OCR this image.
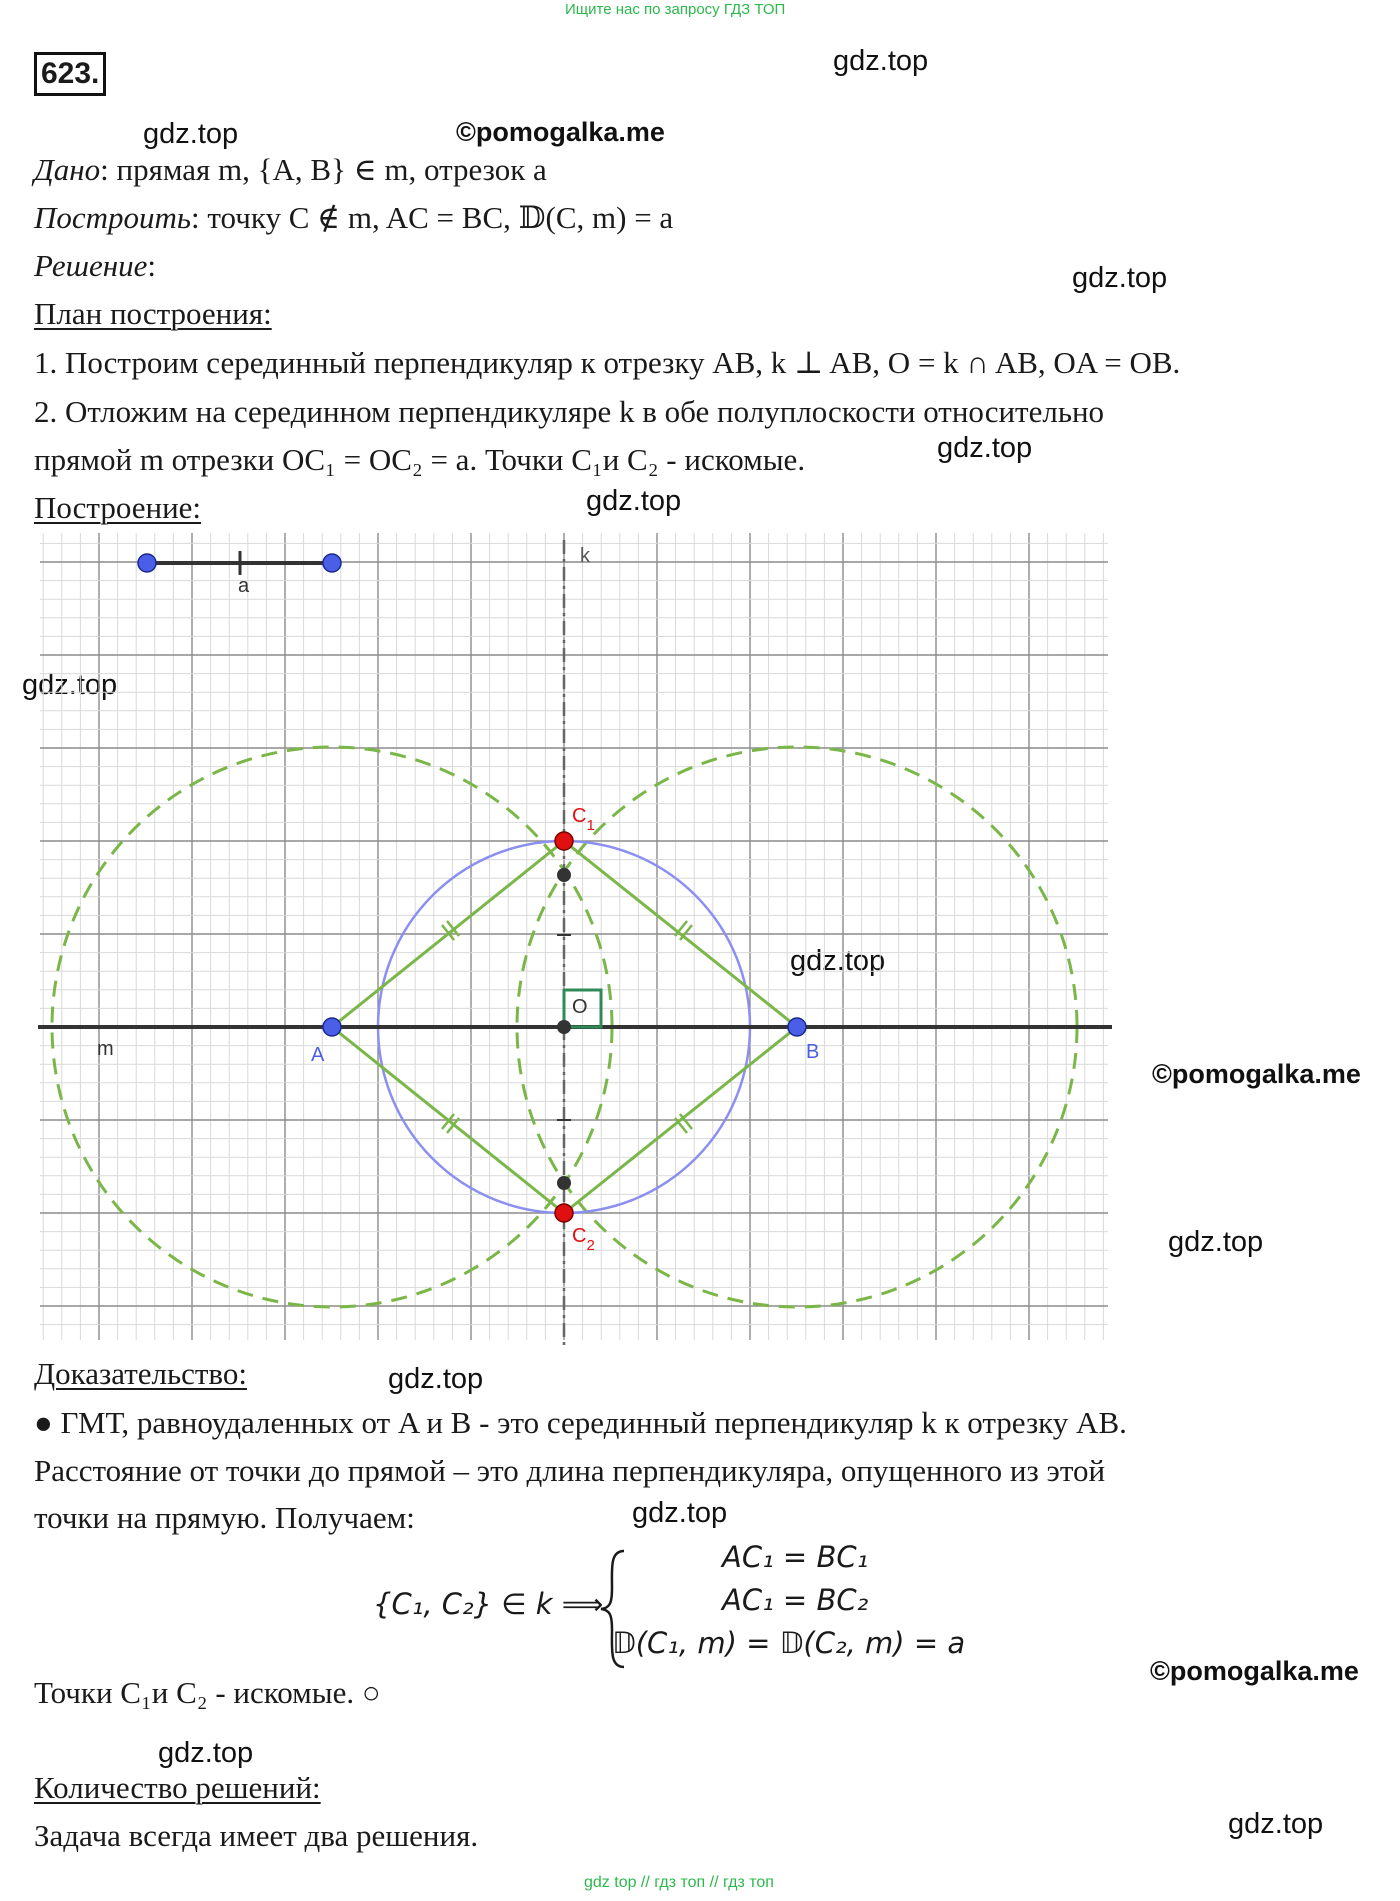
Ищите нас по запросу ГДЗ ТОП
623.	gdz.top
gdz.top	©pomogalka.me
gdz.top
gdz.top
gdz.top
gdz.top
gdz.top
©pomogalka.me
gdz.top
gdz.top
gdz.top
©pomogalka.me
gdz.top
gdz.top
Дано: прямая m, {A, B} ∈ m, отрезок a
Построить: точку C ∉ m, AC = BC, 𝔻(C, m) = a
Решение:
План построения:
1. Построим серединный перпендикуляр к отрезку AB, k ⊥ AB, O = k ∩ AB, OA = OB.
2. Отложим на серединном перпендикуляре k в обе полуплоскости относительно
прямой m отрезки OC₁ = OC₂ = a. Точки C₁и C₂ - искомые.
Построение:
k
a
m	A	B
O
$C_1$
$C_2$
Доказательство:
● ГМТ, равноудаленных от A и B - это серединный перпендикуляр k к отрезку AB.
Расстояние от точки до прямой – это длина перпендикуляра, опущенного из этой
точки на прямую. Получаем:
{C₁, C₂} ∈ k ⟹
AC₁ = BC₁
AC₁ = BC₂
𝔻(C₁, m) = 𝔻(C₂, m) = a
Точки C₁и C₂ - искомые. ○
Количество решений:
Задача всегда имеет два решения.
gdz top // гдз топ // гдз топ
